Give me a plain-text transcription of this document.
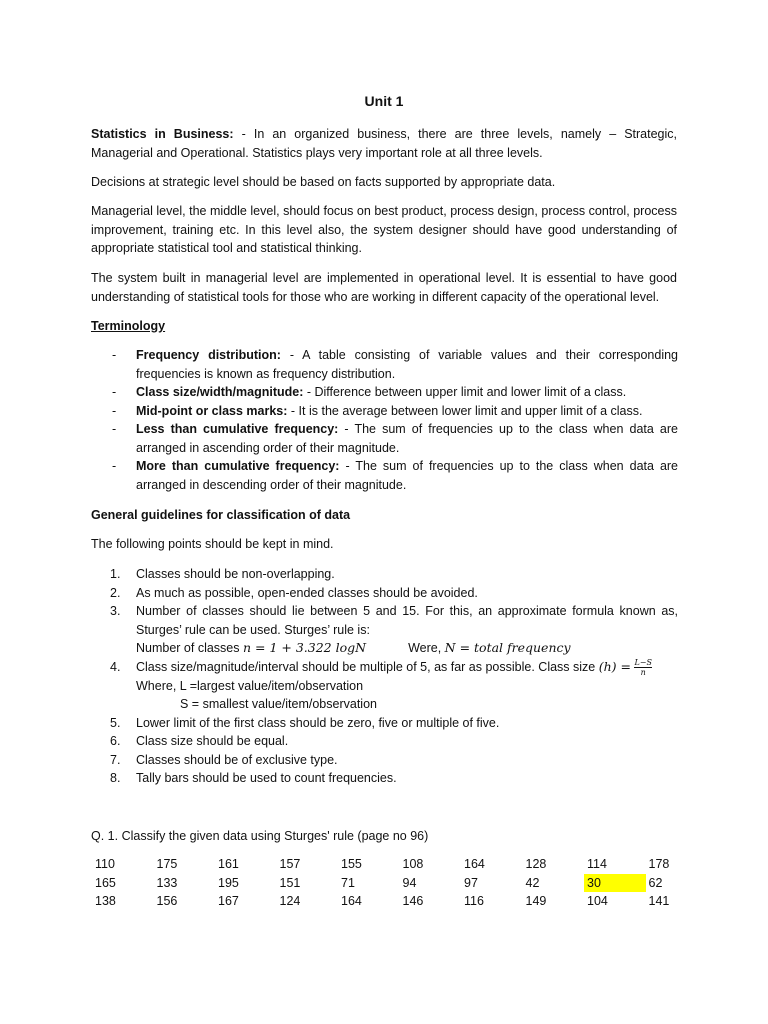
Unit 1

Statistics in Business: - In an organized business, there are three levels, namely – Strategic, Managerial and Operational. Statistics plays very important role at all three levels.

Decisions at strategic level should be based on facts supported by appropriate data.

Managerial level, the middle level, should focus on best product, process design, process control, process improvement, training etc. In this level also, the system designer should have good understanding of appropriate statistical tool and statistical thinking.

The system built in managerial level are implemented in operational level. It is essential to have good understanding of statistical tools for those who are working in different capacity of the operational level.

Terminology

- Frequency distribution: - A table consisting of variable values and their corresponding frequencies is known as frequency distribution.
- Class size/width/magnitude: - Difference between upper limit and lower limit of a class.
- Mid-point or class marks: - It is the average between lower limit and upper limit of a class.
- Less than cumulative frequency: - The sum of frequencies up to the class when data are arranged in ascending order of their magnitude.
- More than cumulative frequency: - The sum of frequencies up to the class when data are arranged in descending order of their magnitude.

General guidelines for classification of data

The following points should be kept in mind.

1. Classes should be non-overlapping.
2. As much as possible, open-ended classes should be avoided.
3. Number of classes should lie between 5 and 15. For this, an approximate formula known as, Sturges’ rule can be used. Sturges’ rule is:
Number of classes n = 1 + 3.322 logN	Were, N = total frequency
4. Class size/magnitude/interval should be multiple of 5, as far as possible. Class size $(h) = \frac{L-S}{n}$
Where, L =largest value/item/observation
S = smallest value/item/observation
5. Lower limit of the first class should be zero, five or multiple of five.
6. Class size should be equal.
7. Classes should be of exclusive type.
8. Tally bars should be used to count frequencies.

Q. 1. Classify the given data using Sturges' rule (page no 96)

110	175	161	157	155	108	164	128	114	178
165	133	195	151	71	94	97	42	30	62
138	156	167	124	164	146	116	149	104	141
